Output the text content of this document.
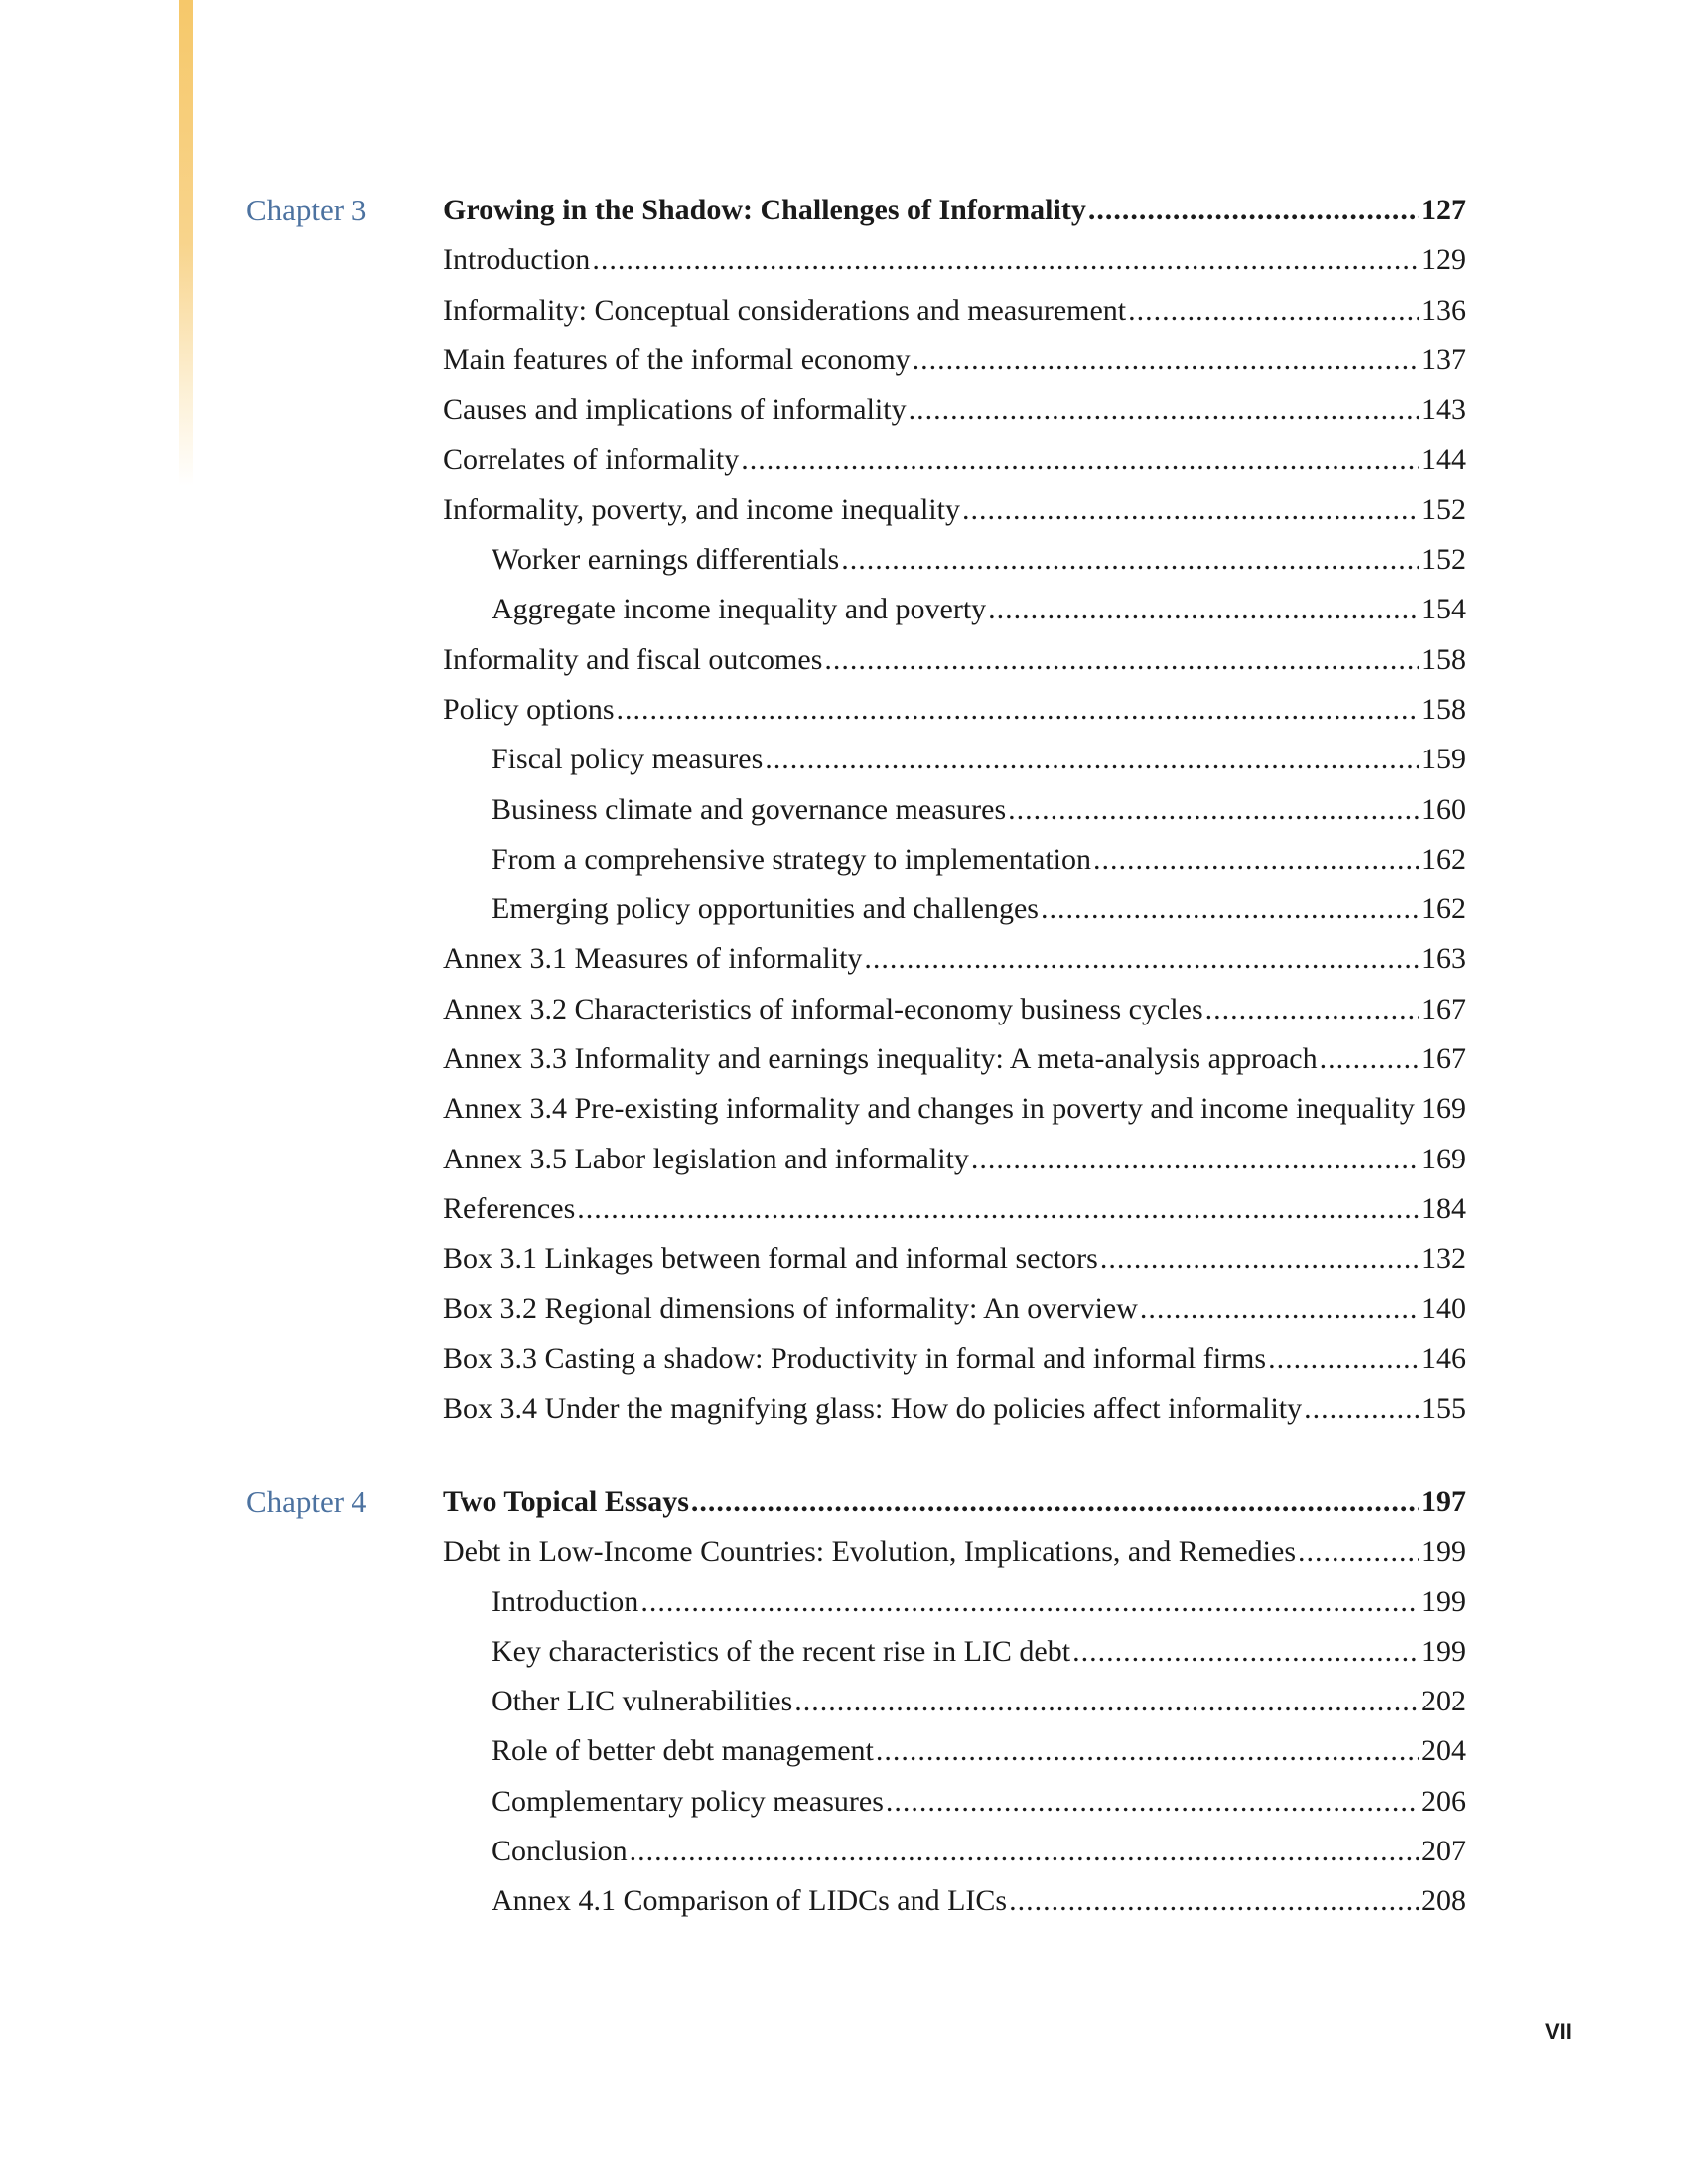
Chapter 3	Growing in the Shadow: Challenges of Informality .....	127
Introduction .....	129
Informality: Conceptual considerations and measurement .....	136
Main features of the informal economy .....	137
Causes and implications of informality .....	143
Correlates of informality .....	144
Informality, poverty, and income inequality .....	152
Worker earnings differentials .....	152
Aggregate income inequality and poverty .....	154
Informality and fiscal outcomes .....	158
Policy options .....	158
Fiscal policy measures .....	159
Business climate and governance measures .....	160
From a comprehensive strategy to implementation .....	162
Emerging policy opportunities and challenges .....	162
Annex 3.1 Measures of informality .....	163
Annex 3.2 Characteristics of informal-economy business cycles .....	167
Annex 3.3 Informality and earnings inequality: A meta-analysis approach .....	167
Annex 3.4 Pre-existing informality and changes in poverty and income inequality ..... 169
Annex 3.5 Labor legislation and informality .....	169
References .....	184
Box 3.1 Linkages between formal and informal sectors .....	132
Box 3.2 Regional dimensions of informality: An overview .....	140
Box 3.3 Casting a shadow: Productivity in formal and informal firms .....	146
Box 3.4 Under the magnifying glass: How do policies affect informality .....	155
Chapter 4	Two Topical Essays .....	197
Debt in Low-Income Countries: Evolution, Implications, and Remedies .....	199
Introduction .....	199
Key characteristics of the recent rise in LIC debt .....	199
Other LIC vulnerabilities .....	202
Role of better debt management .....	204
Complementary policy measures .....	206
Conclusion .....	207
Annex 4.1 Comparison of LIDCs and LICs .....	208
VII
